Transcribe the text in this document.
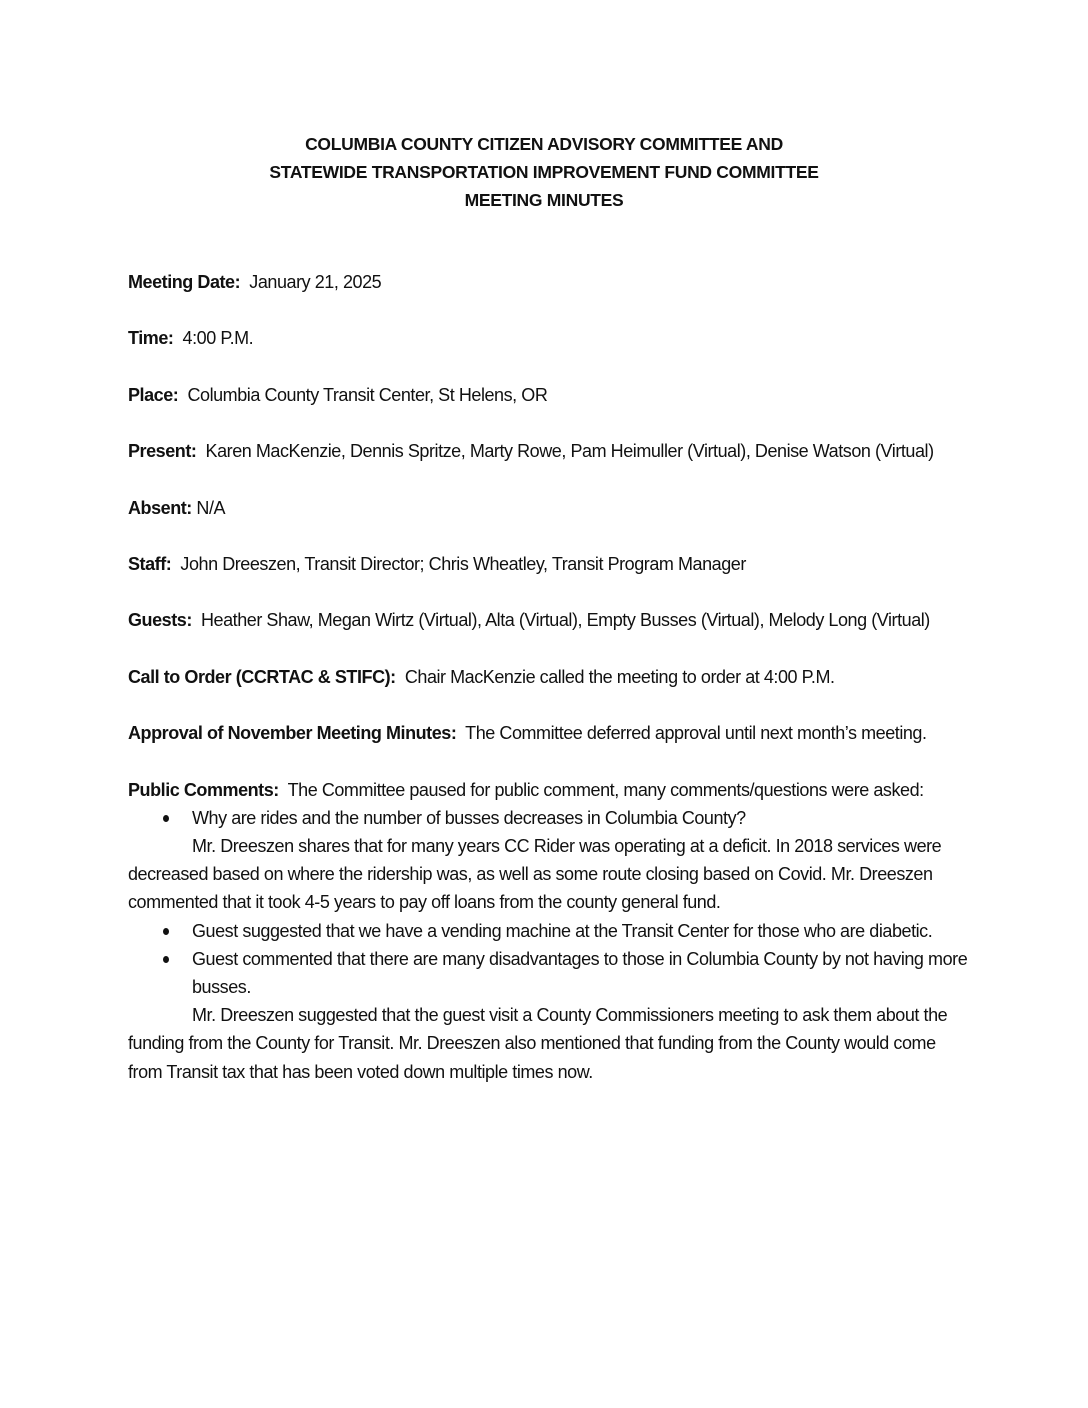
COLUMBIA COUNTY CITIZEN ADVISORY COMMITTEE AND
STATEWIDE TRANSPORTATION IMPROVEMENT FUND COMMITTEE
MEETING MINUTES

Meeting Date: January 21, 2025

Time: 4:00 P.M.

Place: Columbia County Transit Center, St Helens, OR

Present: Karen MacKenzie, Dennis Spritze, Marty Rowe, Pam Heimuller (Virtual), Denise Watson (Virtual)

Absent: N/A

Staff: John Dreeszen, Transit Director; Chris Wheatley, Transit Program Manager

Guests: Heather Shaw, Megan Wirtz (Virtual), Alta (Virtual), Empty Busses (Virtual), Melody Long (Virtual)

Call to Order (CCRTAC & STIFC): Chair MacKenzie called the meeting to order at 4:00 P.M.

Approval of November Meeting Minutes: The Committee deferred approval until next month’s meeting.

Public Comments: The Committee paused for public comment, many comments/questions were asked:

Why are rides and the number of busses decreases in Columbia County?

Mr. Dreeszen shares that for many years CC Rider was operating at a deficit. In 2018 services were decreased based on where the ridership was, as well as some route closing based on Covid. Mr. Dreeszen commented that it took 4-5 years to pay off loans from the county general fund.

Guest suggested that we have a vending machine at the Transit Center for those who are diabetic.
Guest commented that there are many disadvantages to those in Columbia County by not having more busses.

Mr. Dreeszen suggested that the guest visit a County Commissioners meeting to ask them about the funding from the County for Transit. Mr. Dreeszen also mentioned that funding from the County would come from Transit tax that has been voted down multiple times now.
